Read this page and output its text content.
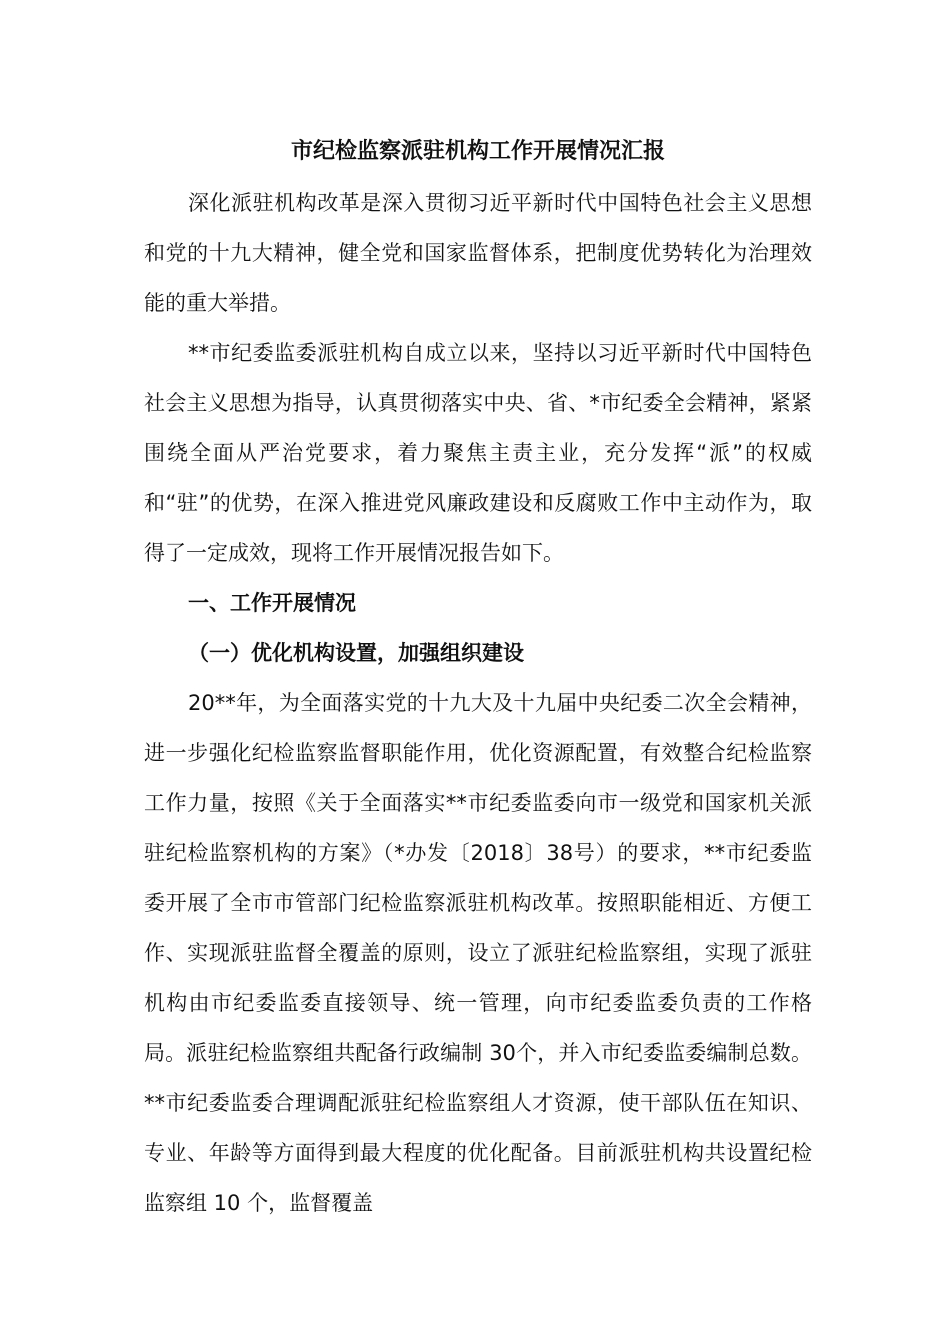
市纪检监察派驻机构工作开展情况汇报

深化派驻机构改革是深入贯彻习近平新时代中国特色社会主义思想和党的十九大精神，健全党和国家监督体系，把制度优势转化为治理效能的重大举措。

**市纪委监委派驻机构自成立以来，坚持以习近平新时代中国特色社会主义思想为指导，认真贯彻落实中央、省、*市纪委全会精神，紧紧围绕全面从严治党要求，着力聚焦主责主业，充分发挥“派”的权威和“驻”的优势，在深入推进党风廉政建设和反腐败工作中主动作为，取得了一定成效，现将工作开展情况报告如下。

一、工作开展情况

（一）优化机构设置，加强组织建设

20**年，为全面落实党的十九大及十九届中央纪委二次全会精神，进一步强化纪检监察监督职能作用，优化资源配置，有效整合纪检监察工作力量，按照《关于全面落实**市纪委监委向市一级党和国家机关派驻纪检监察机构的方案》（*办发〔2018〕38号）的要求，**市纪委监委开展了全市市管部门纪检监察派驻机构改革。按照职能相近、方便工作、实现派驻监督全覆盖的原则，设立了派驻纪检监察组，实现了派驻机构由市纪委监委直接领导、统一管理，向市纪委监委负责的工作格局。派驻纪检监察组共配备行政编制 30个，并入市纪委监委编制总数。**市纪委监委合理调配派驻纪检监察组人才资源，使干部队伍在知识、专业、年龄等方面得到最大程度的优化配备。目前派驻机构共设置纪检监察组 10 个，监督覆盖
